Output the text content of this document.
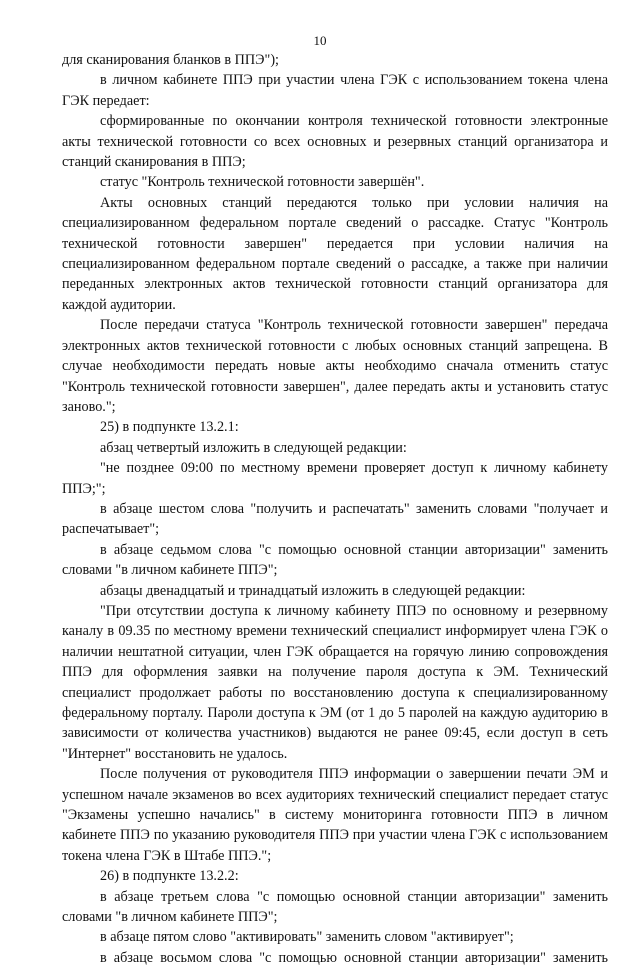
10

для сканирования бланков в ППЭ");

в личном кабинете ППЭ при участии члена ГЭК с использованием токена члена ГЭК передает:

сформированные по окончании контроля технической готовности электронные акты технической готовности со всех основных и резервных станций организатора и станций сканирования в ППЭ;

статус "Контроль технической готовности завершён".

Акты основных станций передаются только при условии наличия на специализированном федеральном портале сведений о рассадке. Статус "Контроль технической готовности завершен" передается при условии наличия на специализированном федеральном портале сведений о рассадке, а также при наличии переданных электронных актов технической готовности станций организатора для каждой аудитории.

После передачи статуса "Контроль технической готовности завершен" передача электронных актов технической готовности с любых основных станций запрещена. В случае необходимости передать новые акты необходимо сначала отменить статус "Контроль технической готовности завершен", далее передать акты и установить статус заново.";

25) в подпункте 13.2.1:

абзац четвертый изложить в следующей редакции:

"не позднее 09:00 по местному времени проверяет доступ к личному кабинету ППЭ;";

в абзаце шестом слова "получить и распечатать" заменить словами "получает и распечатывает";

в абзаце седьмом слова "с помощью основной станции авторизации" заменить словами "в личном кабинете ППЭ";

абзацы двенадцатый и тринадцатый изложить в следующей редакции:

"При отсутствии доступа к личному кабинету ППЭ по основному и резервному каналу в 09.35 по местному времени технический специалист информирует члена ГЭК о наличии нештатной ситуации, член ГЭК обращается на горячую линию сопровождения ППЭ для оформления заявки на получение пароля доступа к ЭМ. Технический специалист продолжает работы по восстановлению доступа к специализированному федеральному порталу. Пароли доступа к ЭМ (от 1 до 5 паролей на каждую аудиторию в зависимости от количества участников) выдаются не ранее 09:45, если доступ в сеть "Интернет" восстановить не удалось.

После получения от руководителя ППЭ информации о завершении печати ЭМ и успешном начале экзаменов во всех аудиториях технический специалист передает статус "Экзамены успешно начались" в систему мониторинга готовности ППЭ в личном кабинете ППЭ по указанию руководителя ППЭ при участии члена ГЭК с использованием токена члена ГЭК в Штабе ППЭ.";

26) в подпункте 13.2.2:

в абзаце третьем слова "с помощью основной станции авторизации" заменить словами "в личном кабинете ППЭ";

в абзаце пятом слово "активировать" заменить словом "активирует";

в абзаце восьмом слова "с помощью основной станции авторизации" заменить
